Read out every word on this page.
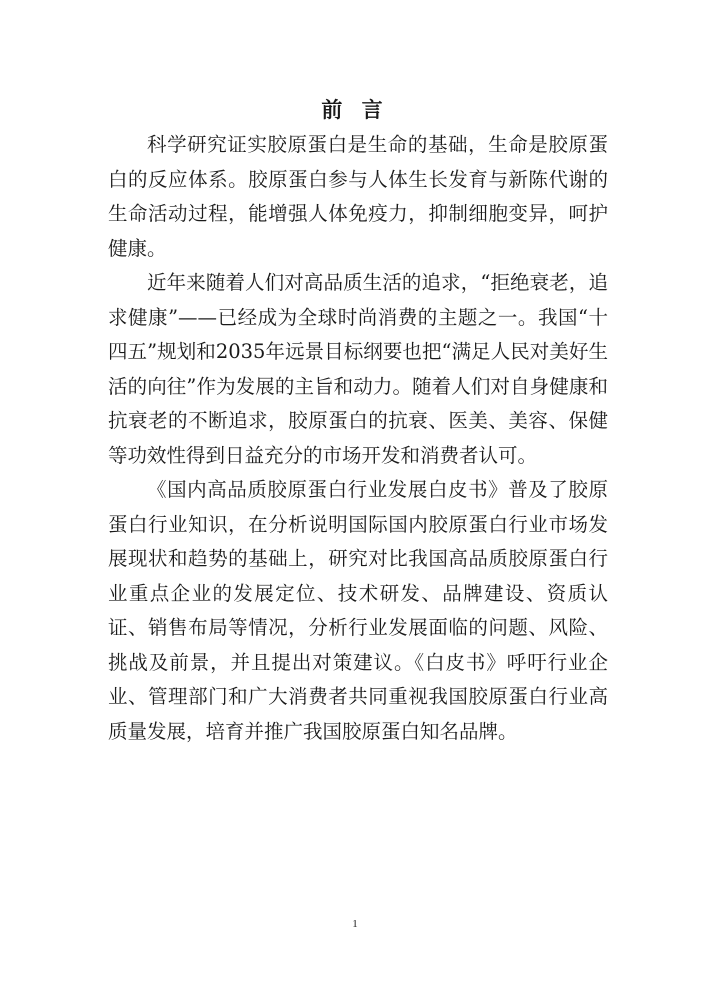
前 言

科学研究证实胶原蛋白是生命的基础，生命是胶原蛋白的反应体系。胶原蛋白参与人体生长发育与新陈代谢的生命活动过程，能增强人体免疫力，抑制细胞变异，呵护健康。

近年来随着人们对高品质生活的追求，“拒绝衰老，追求健康”——已经成为全球时尚消费的主题之一。我国“十四五”规划和2035年远景目标纲要也把“满足人民对美好生活的向往”作为发展的主旨和动力。随着人们对自身健康和抗衰老的不断追求，胶原蛋白的抗衰、医美、美容、保健等功效性得到日益充分的市场开发和消费者认可。

《国内高品质胶原蛋白行业发展白皮书》普及了胶原蛋白行业知识，在分析说明国际国内胶原蛋白行业市场发展现状和趋势的基础上，研究对比我国高品质胶原蛋白行业重点企业的发展定位、技术研发、品牌建设、资质认证、销售布局等情况，分析行业发展面临的问题、风险、挑战及前景，并且提出对策建议。《白皮书》呼吁行业企业、管理部门和广大消费者共同重视我国胶原蛋白行业高质量发展，培育并推广我国胶原蛋白知名品牌。

1
